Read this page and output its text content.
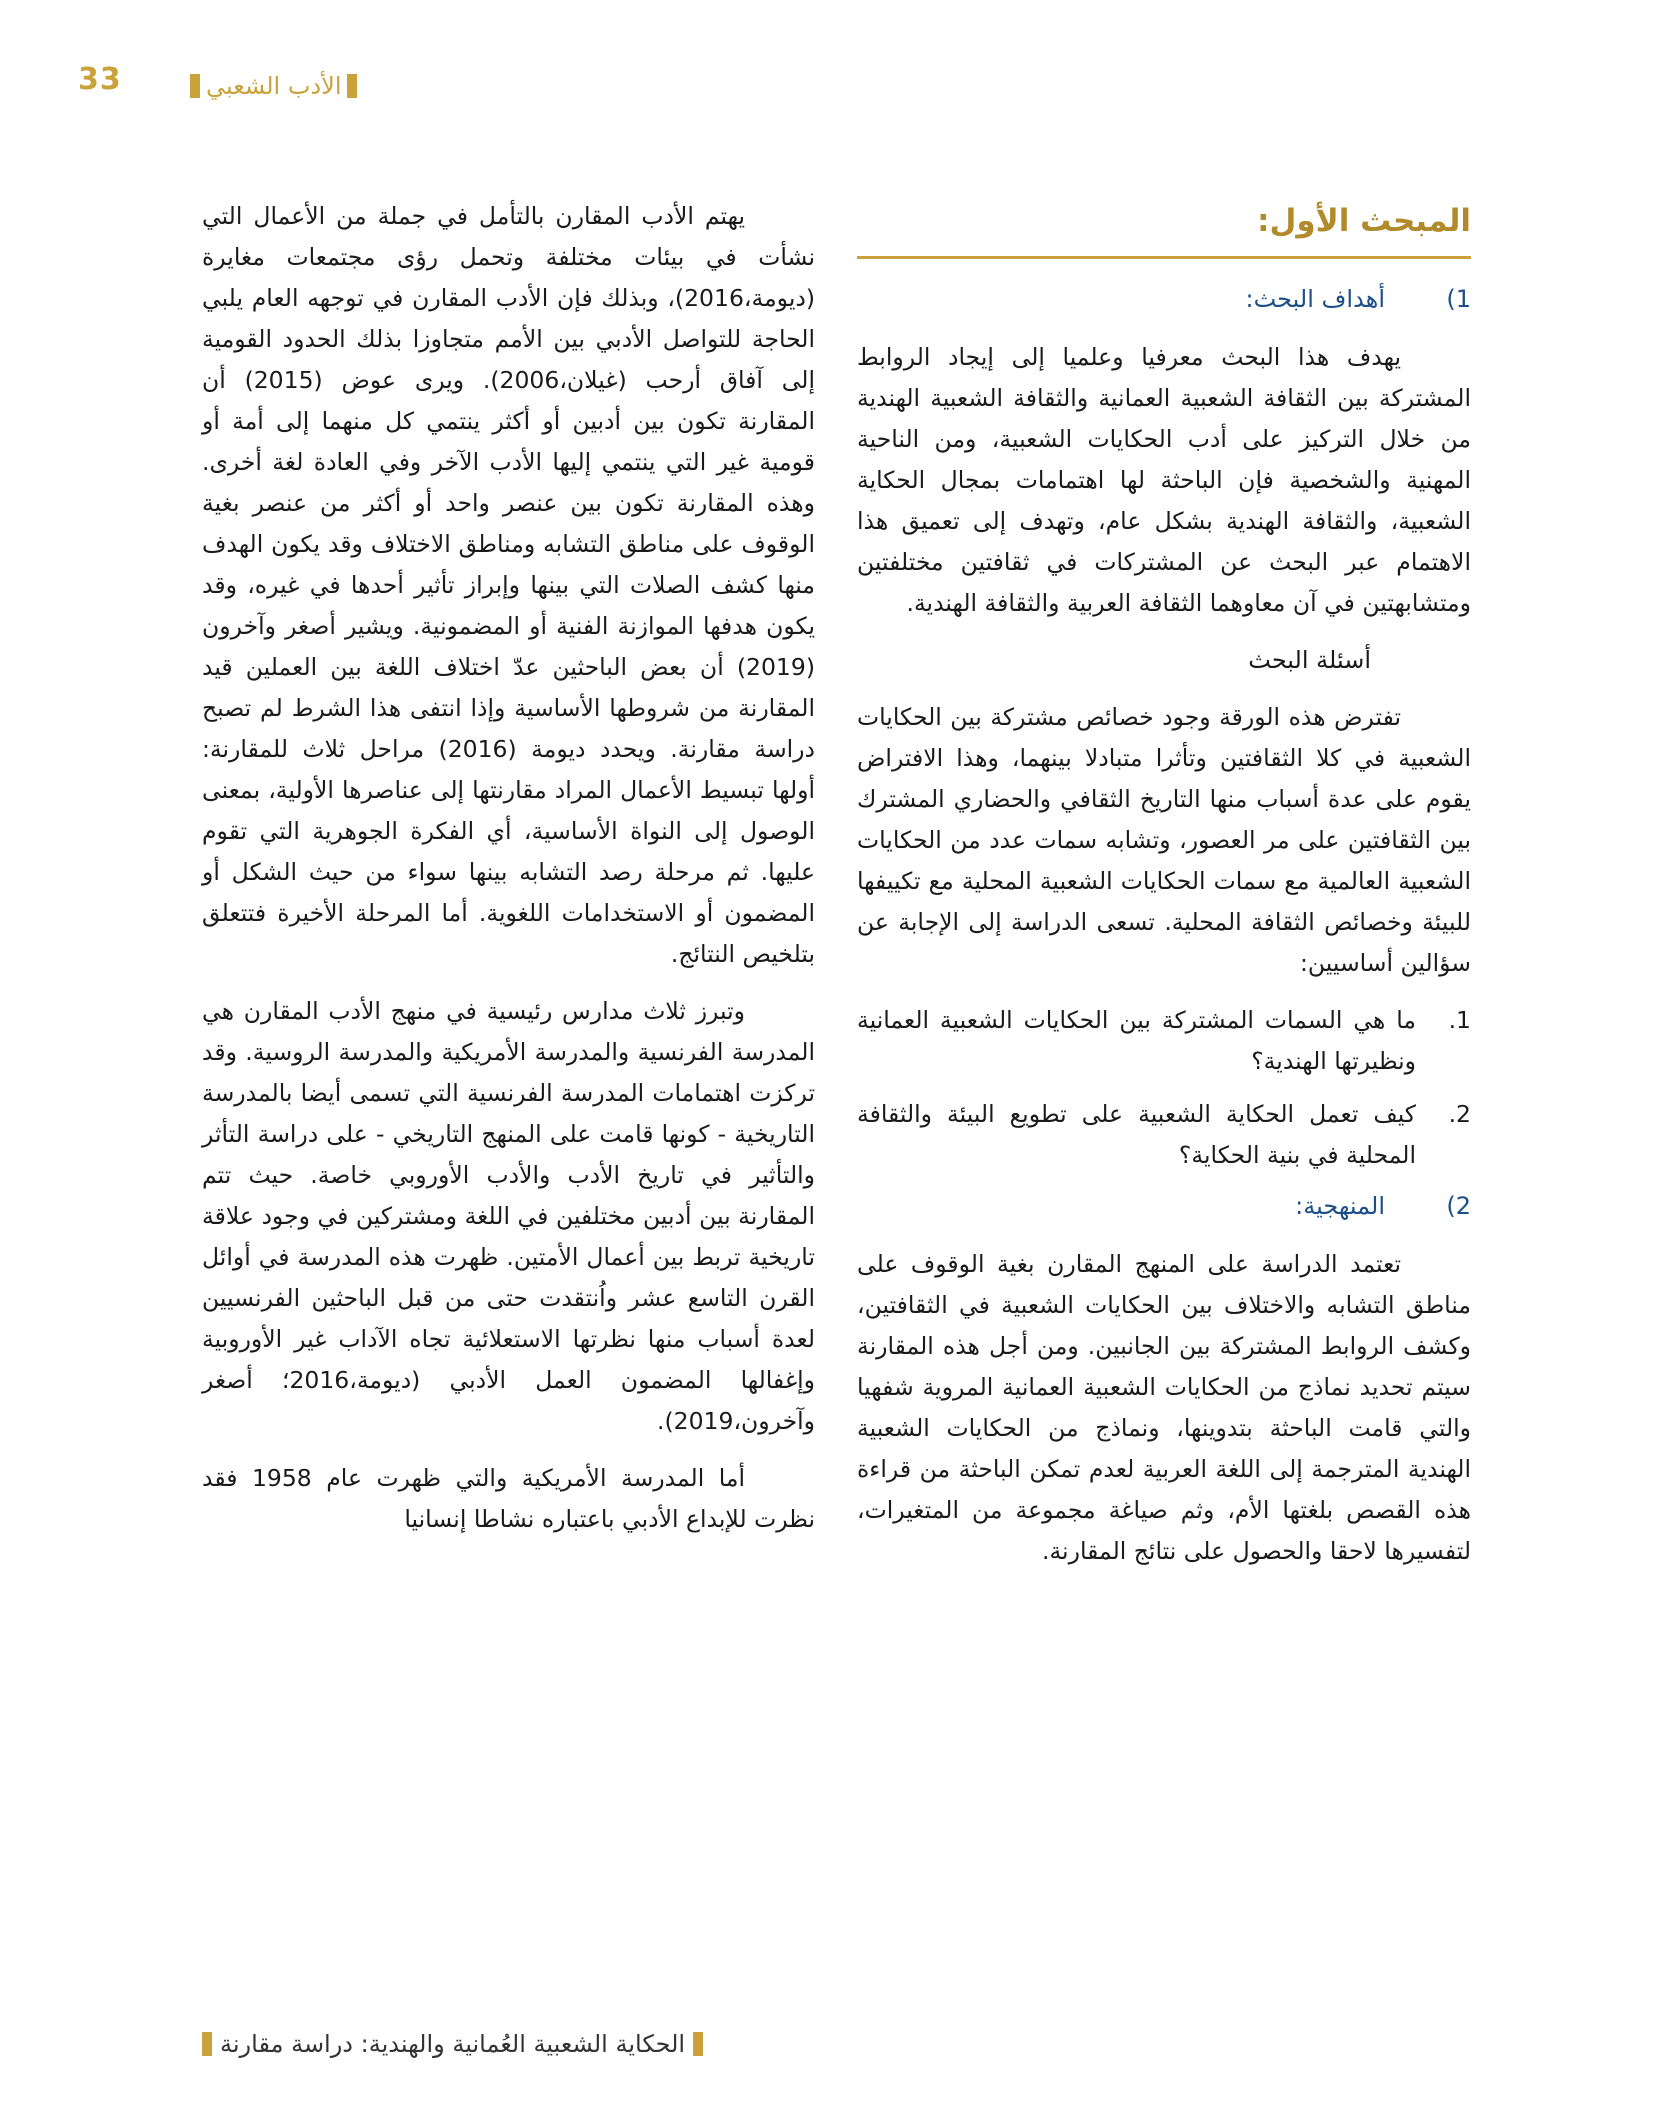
33	الأدب الشعبي
المبحث الأول:
1)
أهداف البحث:

يهدف هذا البحث معرفيا وعلميا إلى إيجاد الروابط المشتركة بين الثقافة الشعبية العمانية والثقافة الشعبية الهندية من خلال التركيز على أدب الحكايات الشعبية، ومن الناحية المهنية والشخصية فإن الباحثة لها اهتمامات بمجال الحكاية الشعبية، والثقافة الهندية بشكل عام، وتهدف إلى تعميق هذا الاهتمام عبر البحث عن المشتركات في ثقافتين مختلفتين ومتشابهتين في آن معاوهما الثقافة العربية والثقافة الهندية.

أسئلة البحث

تفترض هذه الورقة وجود خصائص مشتركة بين الحكايات الشعبية في كلا الثقافتين وتأثرا متبادلا بينهما، وهذا الافتراض يقوم على عدة أسباب منها التاريخ الثقافي والحضاري المشترك بين الثقافتين على مر العصور، وتشابه سمات عدد من الحكايات الشعبية العالمية مع سمات الحكايات الشعبية المحلية مع تكييفها للبيئة وخصائص الثقافة المحلية. تسعى الدراسة إلى الإجابة عن سؤالين أساسيين:

1.
ما هي السمات المشتركة بين الحكايات الشعبية العمانية ونظيرتها الهندية؟
2.
كيف تعمل الحكاية الشعبية على تطويع البيئة والثقافة المحلية في بنية الحكاية؟
2)
المنهجية:

تعتمد الدراسة على المنهج المقارن بغية الوقوف على مناطق التشابه والاختلاف بين الحكايات الشعبية في الثقافتين، وكشف الروابط المشتركة بين الجانبين. ومن أجل هذه المقارنة سيتم تحديد نماذج من الحكايات الشعبية العمانية المروية شفهيا والتي قامت الباحثة بتدوينها، ونماذج من الحكايات الشعبية الهندية المترجمة إلى اللغة العربية لعدم تمكن الباحثة من قراءة هذه القصص بلغتها الأم، وثم صياغة مجموعة من المتغيرات، لتفسيرها لاحقا والحصول على نتائج المقارنة.

يهتم الأدب المقارن بالتأمل في جملة من الأعمال التي نشأت في بيئات مختلفة وتحمل رؤى مجتمعات مغايرة (ديومة،2016)، وبذلك فإن الأدب المقارن في توجهه العام يلبي الحاجة للتواصل الأدبي بين الأمم متجاوزا بذلك الحدود القومية إلى آفاق أرحب (غيلان،2006). ويرى عوض (2015) أن المقارنة تكون بين أدبين أو أكثر ينتمي كل منهما إلى أمة أو قومية غير التي ينتمي إليها الأدب الآخر وفي العادة لغة أخرى. وهذه المقارنة تكون بين عنصر واحد أو أكثر من عنصر بغية الوقوف على مناطق التشابه ومناطق الاختلاف وقد يكون الهدف منها كشف الصلات التي بينها وإبراز تأثير أحدها في غيره، وقد يكون هدفها الموازنة الفنية أو المضمونية. ويشير أصغر وآخرون (2019) أن بعض الباحثين عدّ اختلاف اللغة بين العملين قيد المقارنة من شروطها الأساسية وإذا انتفى هذا الشرط لم تصبح دراسة مقارنة. ويحدد ديومة (2016) مراحل ثلاث للمقارنة: أولها تبسيط الأعمال المراد مقارنتها إلى عناصرها الأولية، بمعنى الوصول إلى النواة الأساسية، أي الفكرة الجوهرية التي تقوم عليها. ثم مرحلة رصد التشابه بينها سواء من حيث الشكل أو المضمون أو الاستخدامات اللغوية. أما المرحلة الأخيرة فتتعلق بتلخيص النتائج.

وتبرز ثلاث مدارس رئيسية في منهج الأدب المقارن هي المدرسة الفرنسية والمدرسة الأمريكية والمدرسة الروسية. وقد تركزت اهتمامات المدرسة الفرنسية التي تسمى أيضا بالمدرسة التاريخية - كونها قامت على المنهج التاريخي - على دراسة التأثر والتأثير في تاريخ الأدب والأدب الأوروبي خاصة. حيث تتم المقارنة بين أدبين مختلفين في اللغة ومشتركين في وجود علاقة تاريخية تربط بين أعمال الأمتين. ظهرت هذه المدرسة في أوائل القرن التاسع عشر واُنتقدت حتى من قبل الباحثين الفرنسيين لعدة أسباب منها نظرتها الاستعلائية تجاه الآداب غير الأوروبية وإغفالها المضمون العمل الأدبي (ديومة،2016؛ أصغر وآخرون،2019).

أما المدرسة الأمريكية والتي ظهرت عام 1958 فقد نظرت للإبداع الأدبي باعتباره نشاطا إنسانيا

الحكاية الشعبية العُمانية والهندية: دراسة مقارنة
